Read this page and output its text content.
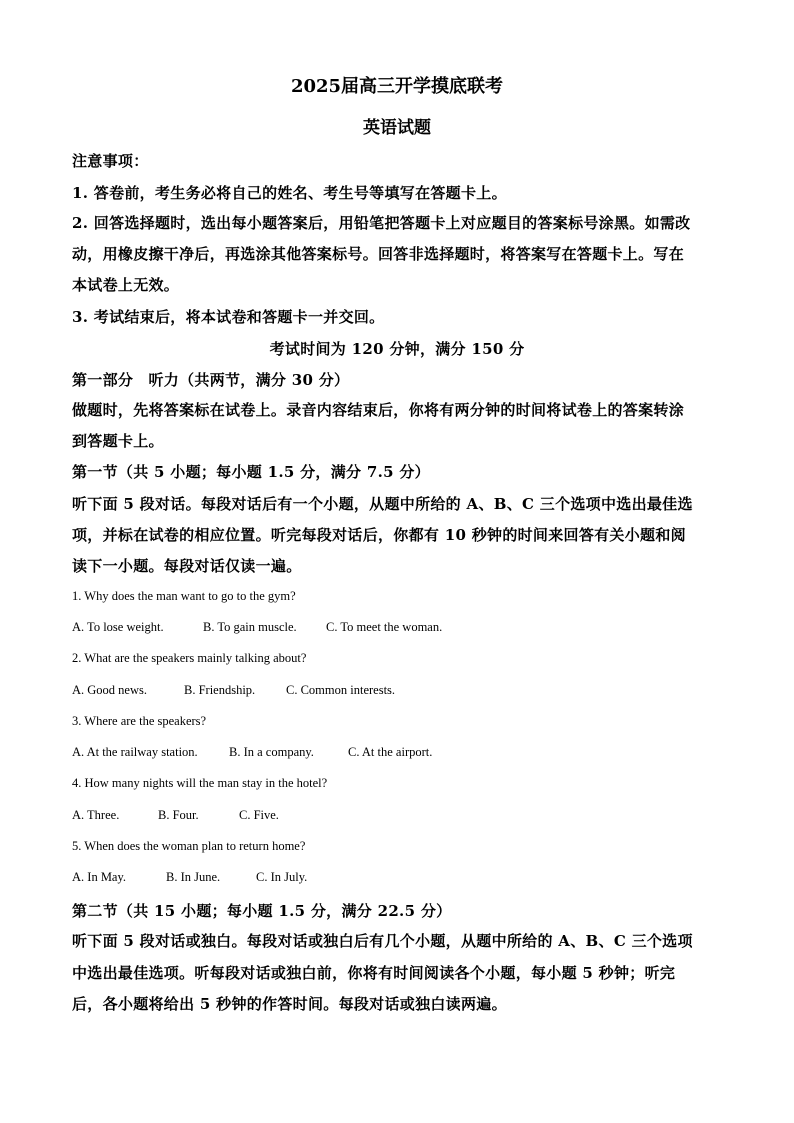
2025届高三开学摸底联考
英语试题
注意事项：
1. 答卷前，考生务必将自己的姓名、考生号等填写在答题卡上。
2. 回答选择题时，选出每小题答案后，用铅笔把答题卡上对应题目的答案标号涂黑。如需改
动，用橡皮擦干净后，再选涂其他答案标号。回答非选择题时，将答案写在答题卡上。写在
本试卷上无效。
3. 考试结束后，将本试卷和答题卡一并交回。
考试时间为 120 分钟，满分 150 分
第一部分　听力（共两节，满分 30 分）
做题时，先将答案标在试卷上。录音内容结束后，你将有两分钟的时间将试卷上的答案转涂
到答题卡上。
第一节（共 5 小题；每小题 1.5 分，满分 7.5 分）
听下面 5 段对话。每段对话后有一个小题，从题中所给的 A、B、C 三个选项中选出最佳选
项，并标在试卷的相应位置。听完每段对话后，你都有 10 秒钟的时间来回答有关小题和阅
读下一小题。每段对话仅读一遍。
1. Why does the man want to go to the gym?
A. To lose weight.	B. To gain muscle. C. To meet the woman.
2. What are the speakers mainly talking about?
A. Good news.	B. Friendship. C. Common interests.
3. Where are the speakers?
A. At the railway station.	B. In a company.	C. At the airport.
4. How many nights will the man stay in the hotel?
A. Three.	B. Four.	C. Five.
5. When does the woman plan to return home?
A. In May.	B. In June.	C. In July.
第二节（共 15 小题；每小题 1.5 分，满分 22.5 分）
听下面 5 段对话或独白。每段对话或独白后有几个小题，从题中所给的 A、B、C 三个选项
中选出最佳选项。听每段对话或独白前，你将有时间阅读各个小题，每小题 5 秒钟；听完
后，各小题将给出 5 秒钟的作答时间。每段对话或独白读两遍。
